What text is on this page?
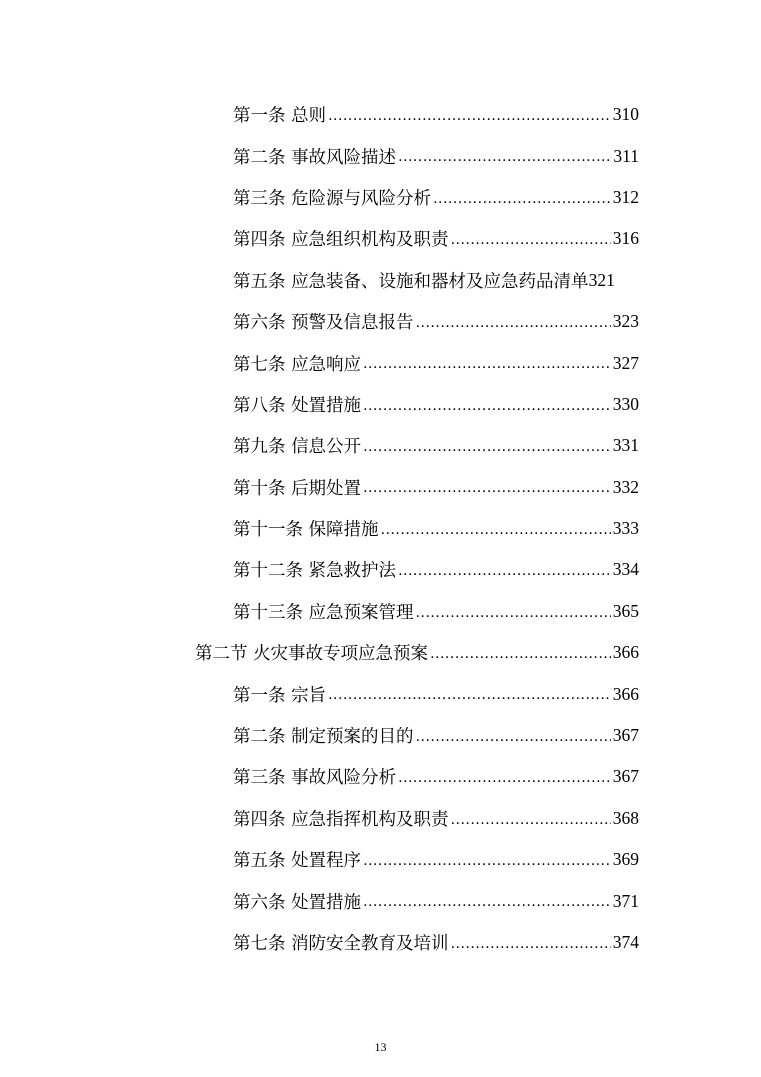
第一条 总则 .....	310
第二条 事故风险描述 .....	311
第三条 危险源与风险分析 .....	312
第四条 应急组织机构及职责 .....	316
第五条 应急装备、设施和器材及应急药品清单 321
第六条 预警及信息报告 .....	323
第七条 应急响应 .....	327
第八条 处置措施 .....	330
第九条 信息公开 .....	331
第十条 后期处置 .....	332
第十一条 保障措施 .....	333
第十二条 紧急救护法 .....	334
第十三条 应急预案管理 .....	365
第二节 火灾事故专项应急预案 .....	366
第一条 宗旨 .....	366
第二条 制定预案的目的 .....	367
第三条 事故风险分析 .....	367
第四条 应急指挥机构及职责 .....	368
第五条 处置程序 .....	369
第六条 处置措施 .....	371
第七条 消防安全教育及培训 .....	374
13
